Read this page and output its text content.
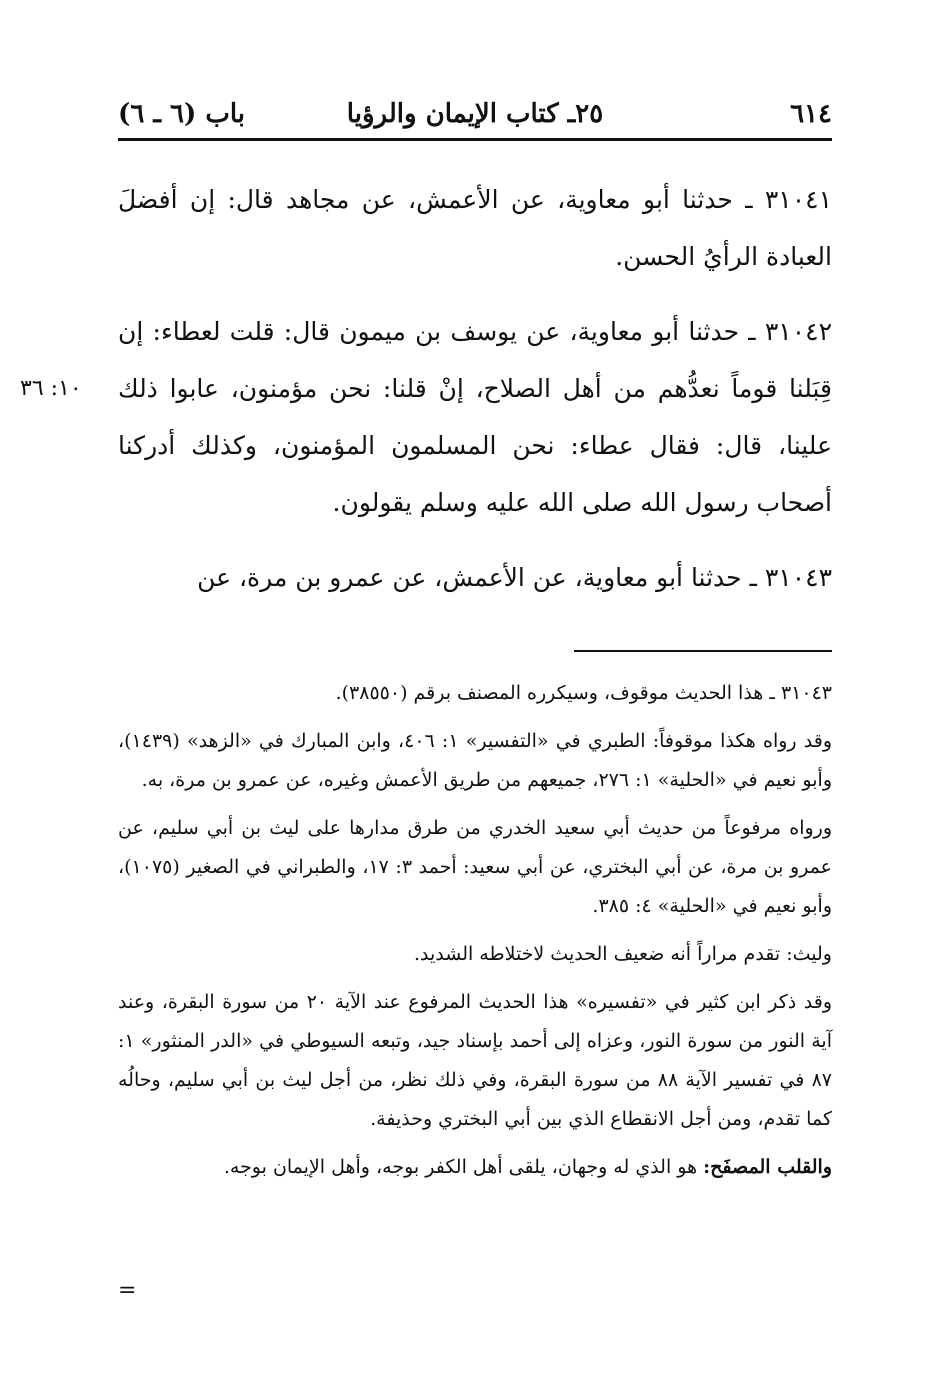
٦١٤
٢٥ـ كتاب الإيمان والرؤيا
باب (٦ ـ ٦)

٣١٠٤١ ـ حدثنا أبو معاوية، عن الأعمش، عن مجاهد قال: إن أفضلَ العبادة الرأيُ الحسن.

١٠: ٣٦

٣١٠٤٢ ـ حدثنا أبو معاوية، عن يوسف بن ميمون قال: قلت لعطاء: إن قِبَلنا قوماً نعدُّهم من أهل الصلاح، إنْ قلنا: نحن مؤمنون، عابوا ذلك علينا، قال: فقال عطاء: نحن المسلمون المؤمنون، وكذلك أدركنا أصحاب رسول الله صلى الله عليه وسلم يقولون.

٣١٠٤٣ ـ حدثنا أبو معاوية، عن الأعمش، عن عمرو بن مرة، عن

٣١٠٤٣ ـ هذا الحديث موقوف، وسيكرره المصنف برقم (٣٨٥٥٠).

وقد رواه هكذا موقوفاً: الطبري في «التفسير» ١: ٤٠٦، وابن المبارك في «الزهد» (١٤٣٩)، وأبو نعيم في «الحلية» ١: ٢٧٦، جميعهم من طريق الأعمش وغيره، عن عمرو بن مرة، به.

ورواه مرفوعاً من حديث أبي سعيد الخدري من طرق مدارها على ليث بن أبي سليم، عن عمرو بن مرة، عن أبي البختري، عن أبي سعيد: أحمد ٣: ١٧، والطبراني في الصغير (١٠٧٥)، وأبو نعيم في «الحلية» ٤: ٣٨٥.

وليث: تقدم مراراً أنه ضعيف الحديث لاختلاطه الشديد.

وقد ذكر ابن كثير في «تفسيره» هذا الحديث المرفوع عند الآية ٢٠ من سورة البقرة، وعند آية النور من سورة النور، وعزاه إلى أحمد بإسناد جيد، وتبعه السيوطي في «الدر المنثور» ١: ٨٧ في تفسير الآية ٨٨ من سورة البقرة، وفي ذلك نظر، من أجل ليث بن أبي سليم، وحالُه كما تقدم، ومن أجل الانقطاع الذي بين أبي البختري وحذيفة.

والقلب المصفَح: هو الذي له وجهان، يلقى أهل الكفر بوجه، وأهل الإيمان بوجه.

=
